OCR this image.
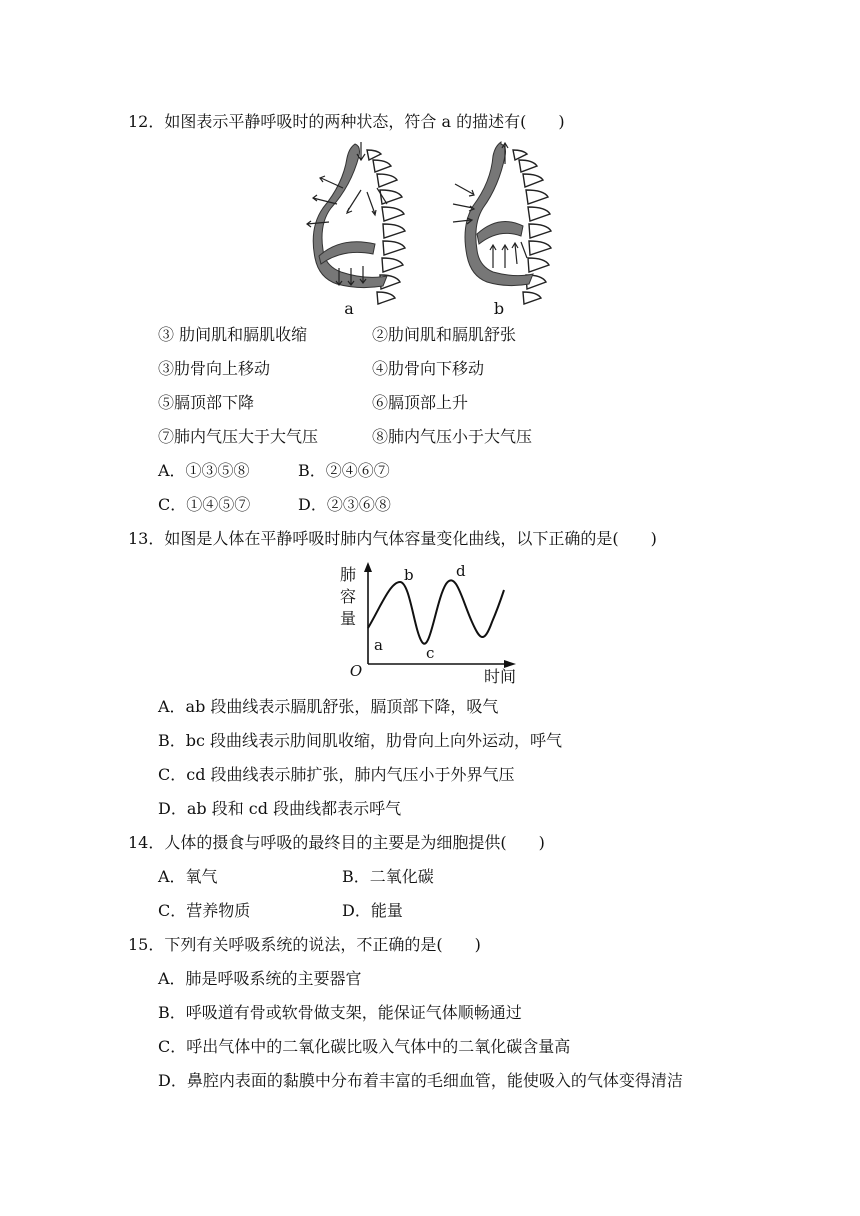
12．如图表示平静呼吸时的两种状态，符合 a 的描述有(　　)
a	b
③ 肋间肌和膈肌收缩	②肋间肌和膈肌舒张
③肋骨向上移动	④肋骨向下移动
⑤膈顶部下降	⑥膈顶部上升
⑦肺内气压大于大气压	⑧肺内气压小于大气压
A．①③⑤⑧	B．②④⑥⑦
C．①④⑤⑦	D．②③⑥⑧
13．如图是人体在平静呼吸时肺内气体容量变化曲线，以下正确的是(　　)
肺
容
量
时间
O
a
b
c
d
A．ab 段曲线表示膈肌舒张，膈顶部下降，吸气
B．bc 段曲线表示肋间肌收缩，肋骨向上向外运动，呼气
C．cd 段曲线表示肺扩张，肺内气压小于外界气压
D．ab 段和 cd 段曲线都表示呼气
14．人体的摄食与呼吸的最终目的主要是为细胞提供(　　)
A．氧气	B．二氧化碳
C．营养物质	D．能量
15．下列有关呼吸系统的说法，不正确的是(　　)
A．肺是呼吸系统的主要器官
B．呼吸道有骨或软骨做支架，能保证气体顺畅通过
C．呼出气体中的二氧化碳比吸入气体中的二氧化碳含量高
D．鼻腔内表面的黏膜中分布着丰富的毛细血管，能使吸入的气体变得清洁
